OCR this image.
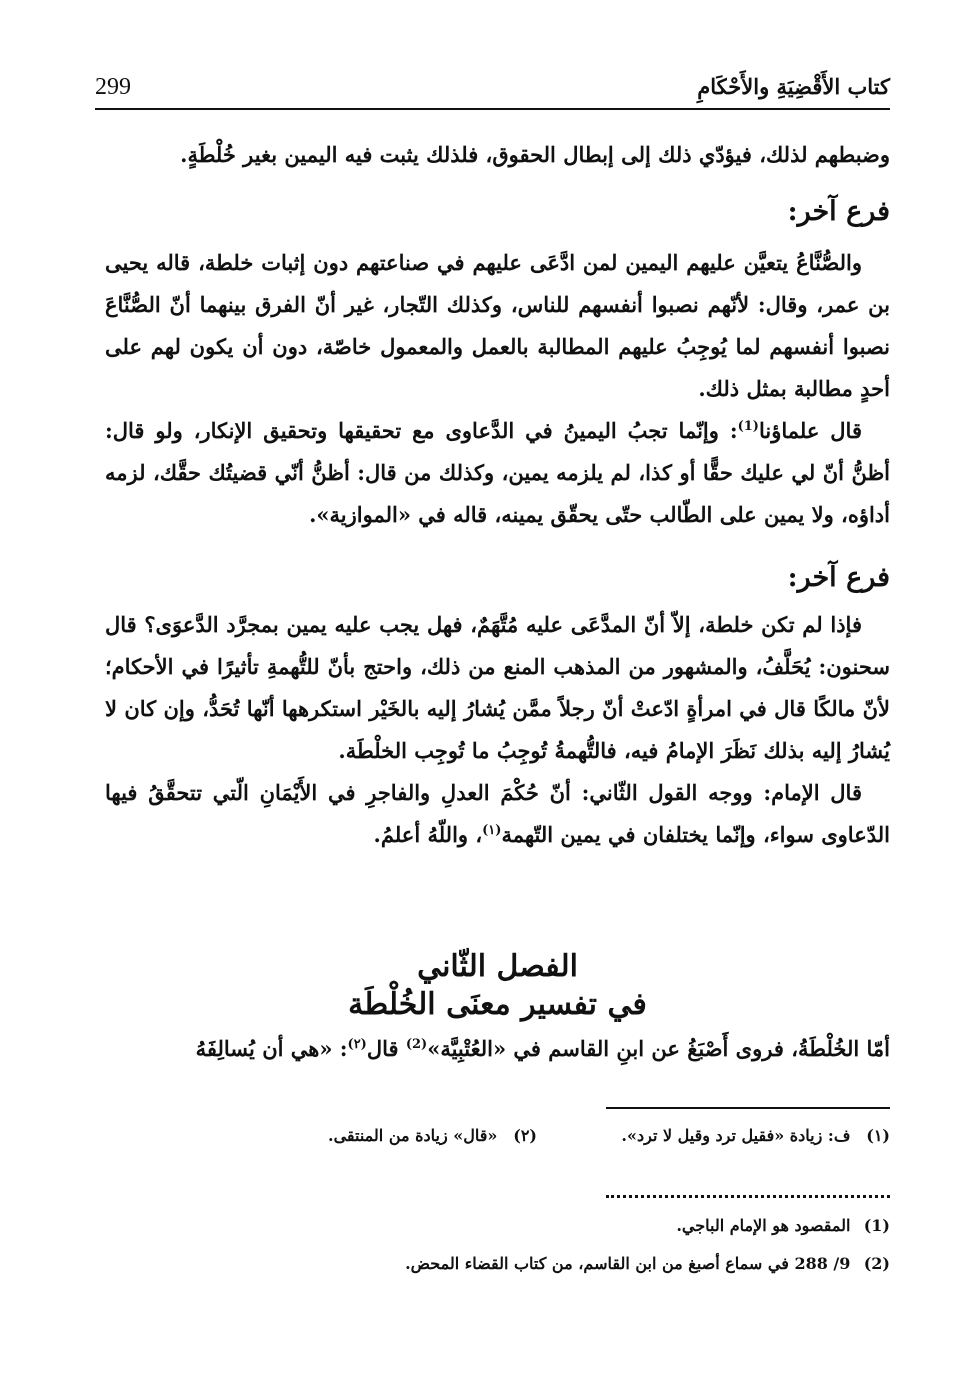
299	كتاب الأَقْضِيَةِ والأَحْكَامِ

وضبطهم لذلك، فيؤدّي ذلك إلى إبطال الحقوق، فلذلك يثبت فيه اليمين بغير خُلْطَةٍ.

فرع آخر:

والصُّنَّاعُ يتعيَّن عليهم اليمين لمن ادَّعَى عليهم في صناعتهم دون إثبات خلطة، قاله يحيى بن عمر، وقال: لأنّهم نصبوا أنفسهم للناس، وكذلك التّجار، غير أنّ الفرق بينهما أنّ الصُّنَّاعَ نصبوا أنفسهم لما يُوجِبُ عليهم المطالبة بالعمل والمعمول خاصّة، دون أن يكون لهم على أحدٍ مطالبة بمثل ذلك.

قال علماؤنا$^{(1)}$: وإنّما تجبُ اليمينُ في الدَّعاوى مع تحقيقها وتحقيق الإنكار، ولو قال: أظنُّ أنّ لي عليك حقًّا أو كذا، لم يلزمه يمين، وكذلك من قال: أظنُّ أنّي قضيتُك حقَّك، لزمه أداؤه، ولا يمين على الطّالب حتّى يحقّق يمينه، قاله في «الموازية».

فرع آخر:

فإذا لم تكن خلطة، إلاّ أنّ المدَّعَى عليه مُتَّهَمٌ، فهل يجب عليه يمين بمجرَّد الدَّعوَى؟ قال سحنون: يُحَلَّفُ، والمشهور من المذهب المنع من ذلك، واحتج بأنّ للتُّهمةِ تأثيرًا في الأحكام؛ لأنّ مالكًا قال في امرأةٍ ادّعتْ أنّ رجلاً ممَّن يُشارُ إليه بالخَيْر استكرهها أنّها تُحَدُّ، وإن كان لا يُشارُ إليه بذلك نَظَرَ الإمامُ فيه، فالتُّهمةُ تُوجِبُ ما تُوجِب الخلْطَة.

قال الإمام: ووجه القول الثّاني: أنّ حُكْمَ العدلِ والفاجرِ في الأَيْمَانِ الّتي تتحقَّقُ فيها الدّعاوى سواء، وإنّما يختلفان في يمين التّهمة$^{(١)}$، واللّهُ أعلمُ.

الفصل الثّاني
في تفسير معنَى الخُلْطَة

أمّا الخُلْطَةُ، فروى أَصْبَغُ عن ابنِ القاسم في «العُتْبِيَّة»$^{(2)}$ قال$^{(٢)}$: «هي أن يُسالِفَهُ

(١) ف: زيادة «فقيل ترد وقيل لا ترد».
(٢) «قال» زيادة من المنتقى.
(1) المقصود هو الإمام الباجي.
(2) 9/ 288 في سماع أصبغ من ابن القاسم، من كتاب القضاء المحض.
